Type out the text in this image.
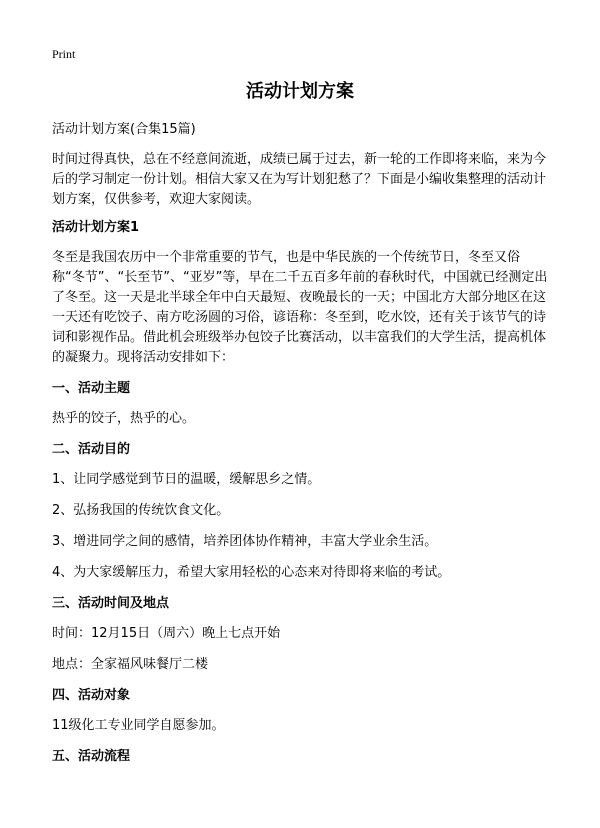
Print
活动计划方案

活动计划方案(合集15篇)

时间过得真快，总在不经意间流逝，成绩已属于过去，新一轮的工作即将来临，来为今后的学习制定一份计划。相信大家又在为写计划犯愁了？下面是小编收集整理的活动计划方案，仅供参考，欢迎大家阅读。

活动计划方案1

冬至是我国农历中一个非常重要的节气，也是中华民族的一个传统节日，冬至又俗称“冬节”、“长至节”、“亚岁”等，早在二千五百多年前的春秋时代，中国就已经测定出了冬至。这一天是北半球全年中白天最短、夜晚最长的一天；中国北方大部分地区在这一天还有吃饺子、南方吃汤圆的习俗，谚语称：冬至到，吃水饺，还有关于该节气的诗词和影视作品。借此机会班级举办包饺子比赛活动，以丰富我们的大学生活，提高机体的凝聚力。现将活动安排如下：

一、活动主题

热乎的饺子，热乎的心。

二、活动目的

1、让同学感觉到节日的温暖，缓解思乡之情。

2、弘扬我国的传统饮食文化。

3、增进同学之间的感情，培养团体协作精神，丰富大学业余生活。

4、为大家缓解压力，希望大家用轻松的心态来对待即将来临的考试。

三、活动时间及地点

时间：12月15日（周六）晚上七点开始

地点：全家福风味餐厅二楼

四、活动对象

11级化工专业同学自愿参加。

五、活动流程
